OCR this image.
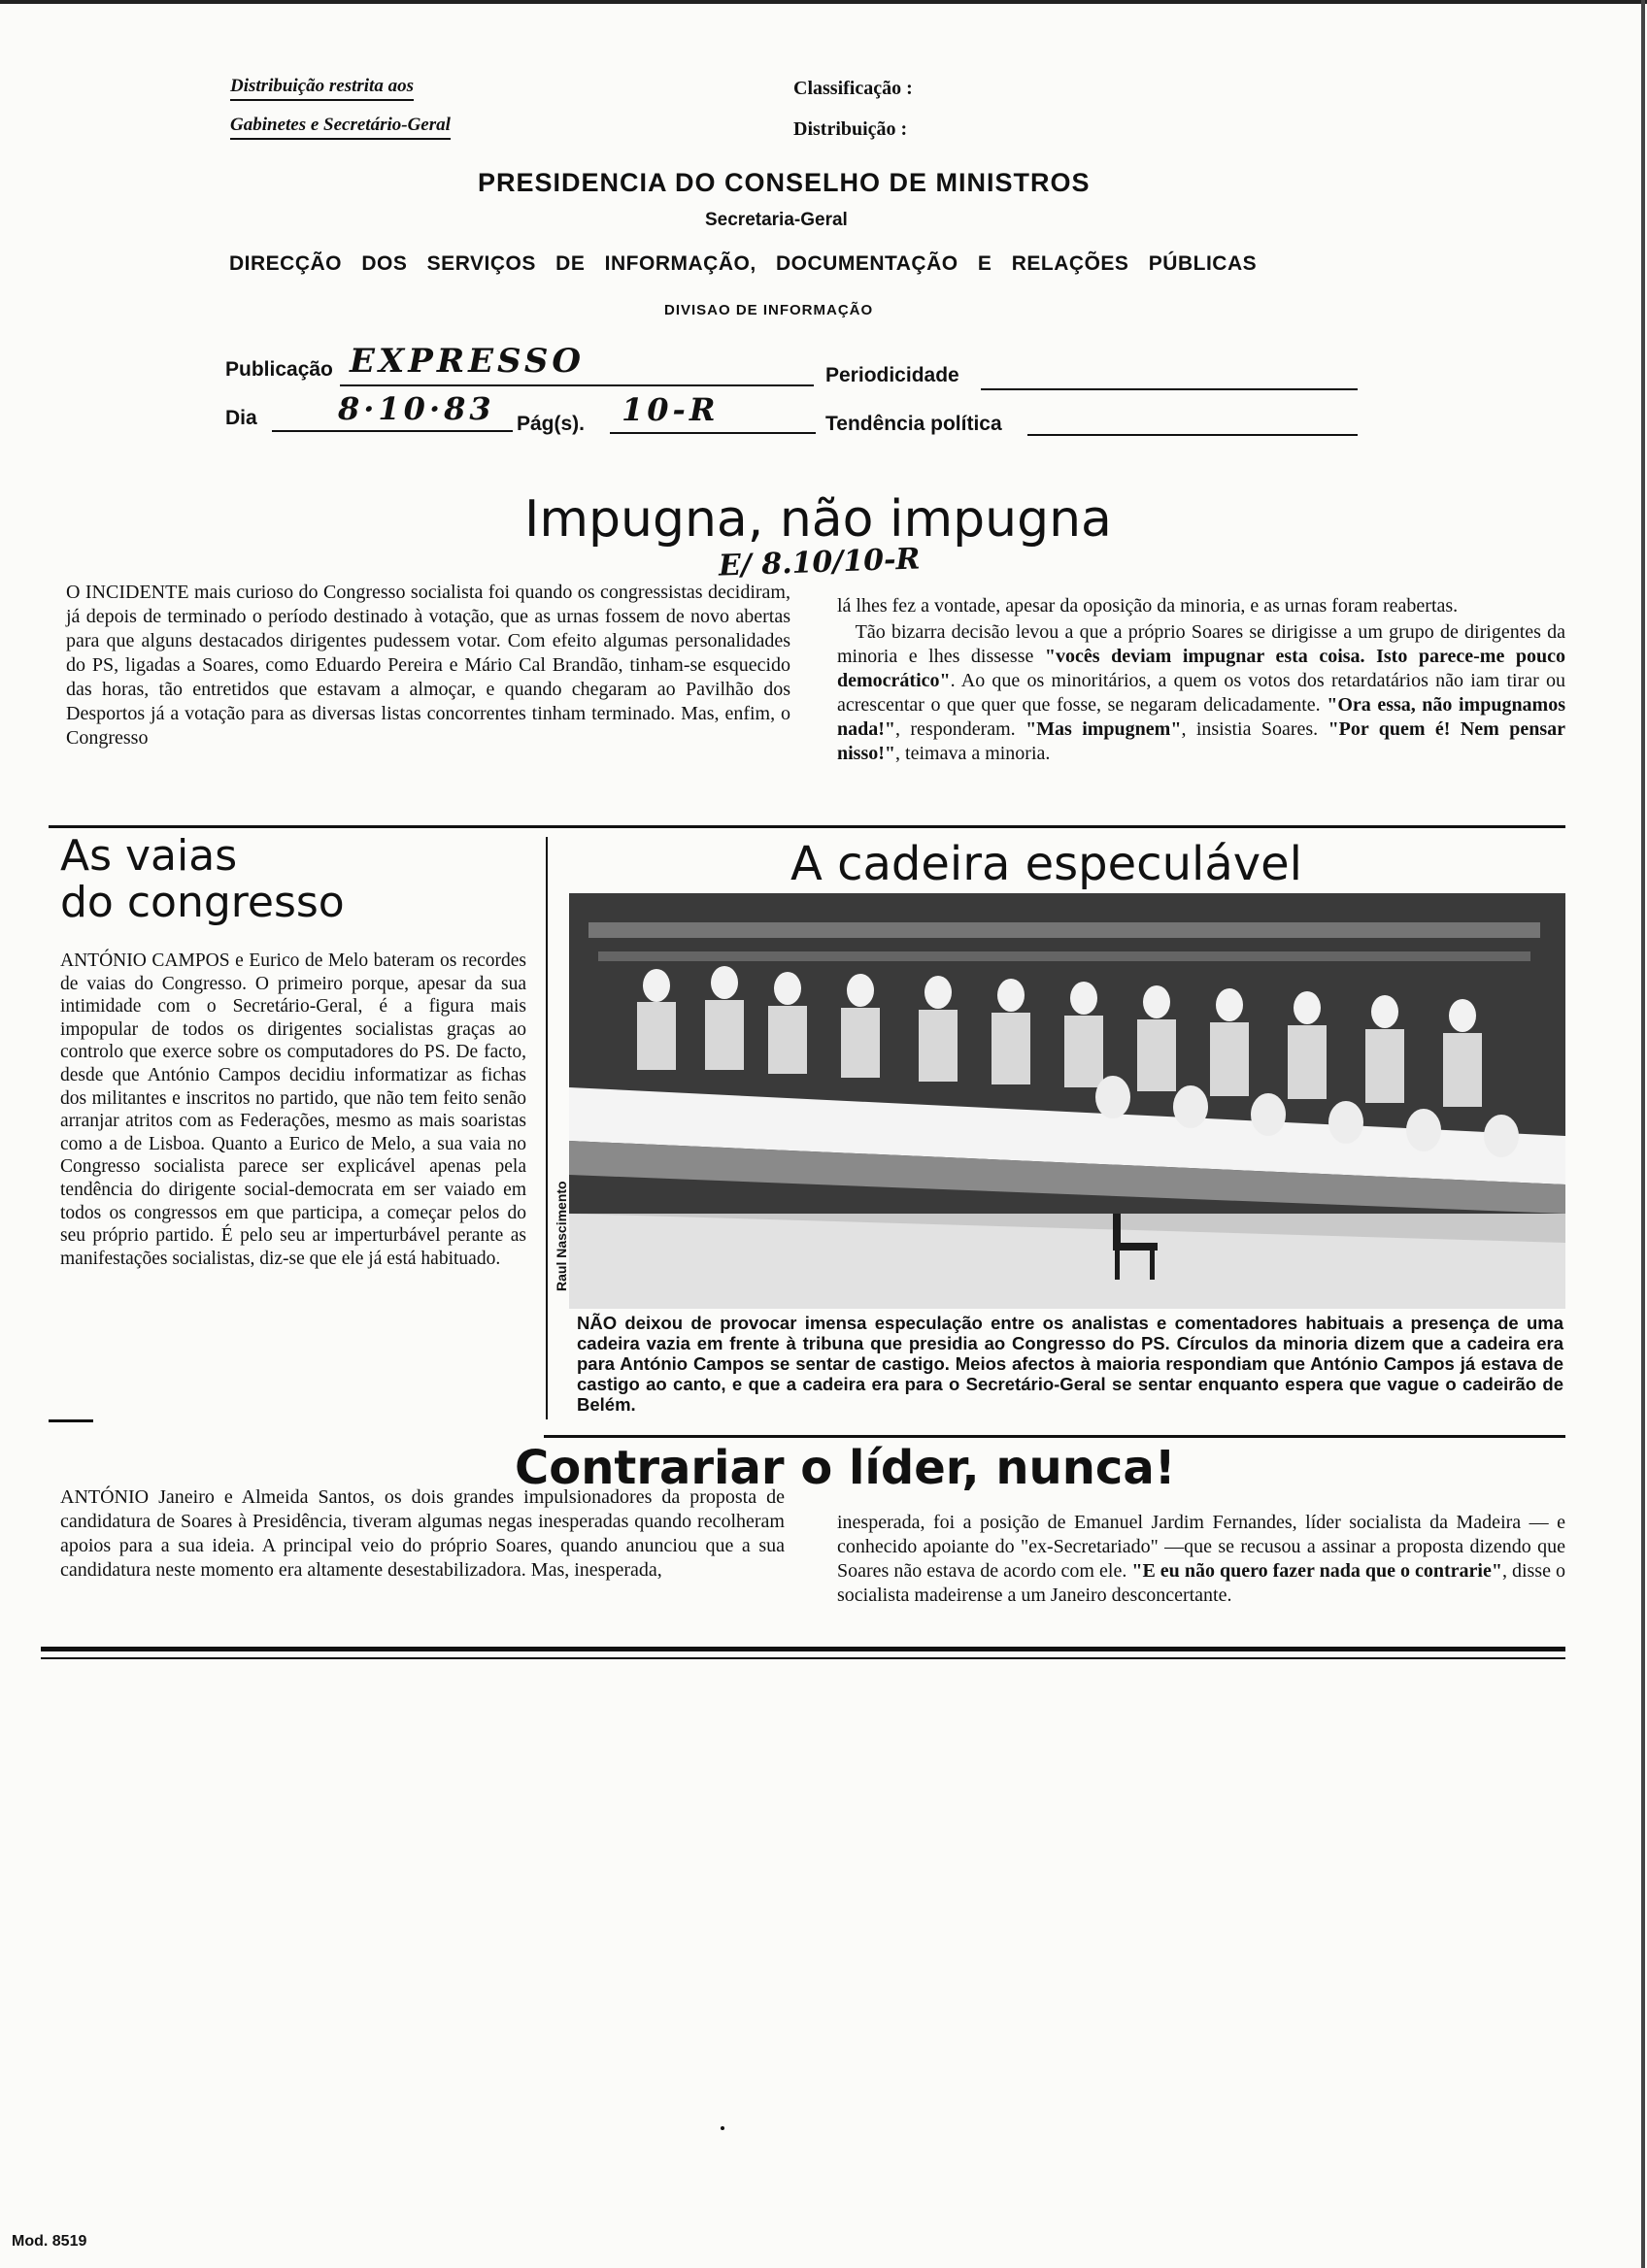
Distribuição restrita aos
Gabinetes e Secretário-Geral
Classificação :
Distribuição :
PRESIDENCIA DO CONSELHO DE MINISTROS
Secretaria-Geral
DIRECÇÃO DOS SERVIÇOS DE INFORMAÇÃO, DOCUMENTAÇÃO E RELAÇÕES PÚBLICAS
DIVISAO DE INFORMAÇÃO
Publicação EXPRESSO	Periodicidade
Dia	8·10·83 Pág(s). 10-R	Tendência política
Impugna, não impugna
E/ 8.10/10-R

O INCIDENTE mais curioso do Congresso socialista foi quando os congressistas decidiram, já depois de terminado o período destinado à votação, que as urnas fossem de novo abertas para que alguns destacados dirigentes pudessem votar. Com efeito algumas personalidades do PS, ligadas a Soares, como Eduardo Pereira e Mário Cal Brandão, tinham-se esquecido das horas, tão entretidos que estavam a almoçar, e quando chegaram ao Pavilhão dos Desportos já a votação para as diversas listas concorrentes tinham terminado. Mas, enfim, o Congresso

lá lhes fez a vontade, apesar da oposição da minoria, e as urnas foram reabertas.

Tão bizarra decisão levou a que a próprio Soares se dirigisse a um grupo de dirigentes da minoria e lhes dissesse "vocês deviam impugnar esta coisa. Isto parece-me pouco democrático". Ao que os minoritários, a quem os votos dos retardatários não iam tirar ou acrescentar o que quer que fosse, se negaram delicadamente. "Ora essa, não impugnamos nada!", responderam. "Mas impugnem", insistia Soares. "Por quem é! Nem pensar nisso!", teimava a minoria.

As vaias
do congresso

ANTÓNIO CAMPOS e Eurico de Melo bateram os recordes de vaias do Congresso. O primeiro porque, apesar da sua intimidade com o Secretário-Geral, é a figura mais impopular de todos os dirigentes socialistas graças ao controlo que exerce sobre os computadores do PS. De facto, desde que António Campos decidiu informatizar as fichas dos militantes e inscritos no partido, que não tem feito senão arranjar atritos com as Federações, mesmo as mais soaristas como a de Lisboa. Quanto a Eurico de Melo, a sua vaia no Congresso socialista parece ser explicável apenas pela tendência do dirigente social-democrata em ser vaiado em todos os congressos em que participa, a começar pelos do seu próprio partido. É pelo seu ar imperturbável perante as manifestações socialistas, diz-se que ele já está habituado.

A cadeira especulável
Raul Nascimento
NÃO deixou de provocar imensa especulação entre os analistas e comentadores habituais a presença de uma cadeira vazia em frente à tribuna que presidia ao Congresso do PS. Círculos da minoria dizem que a cadeira era para António Campos se sentar de castigo. Meios afectos à maioria respondiam que António Campos já estava de castigo ao canto, e que a cadeira era para o Secretário-Geral se sentar enquanto espera que vague o cadeirão de Belém.
Contrariar o líder, nunca!

ANTÓNIO Janeiro e Almeida Santos, os dois grandes impulsionadores da proposta de candidatura de Soares à Presidência, tiveram algumas negas inesperadas quando recolheram apoios para a sua ideia. A principal veio do próprio Soares, quando anunciou que a sua candidatura neste momento era altamente desestabilizadora. Mas, inesperada,

inesperada, foi a posição de Emanuel Jardim Fernandes, líder socialista da Madeira — e conhecido apoiante do "ex-Secretariado" —que se recusou a assinar a proposta dizendo que Soares não estava de acordo com ele. "E eu não quero fazer nada que o contrarie", disse o socialista madeirense a um Janeiro desconcertante.

Mod. 8519
